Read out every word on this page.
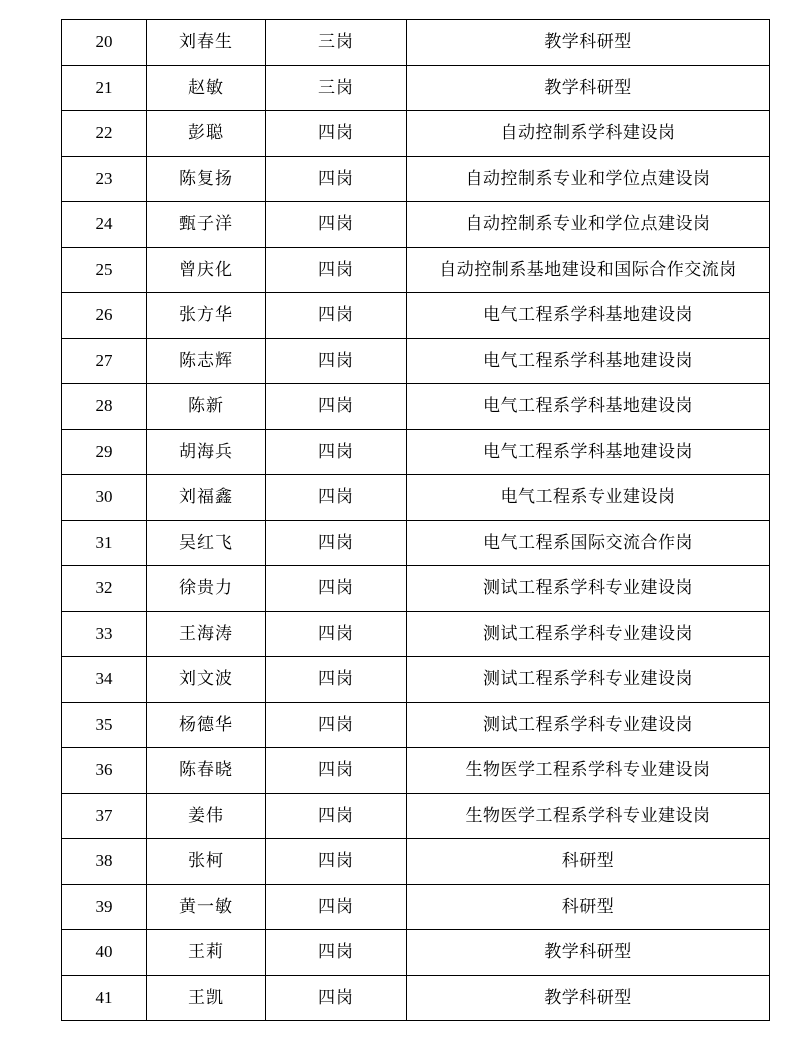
20	刘春生	三岗	教学科研型
21	赵敏	三岗	教学科研型
22	彭聪	四岗	自动控制系学科建设岗
23	陈复扬	四岗	自动控制系专业和学位点建设岗
24	甄子洋	四岗	自动控制系专业和学位点建设岗
25	曾庆化	四岗	自动控制系基地建设和国际合作交流岗
26	张方华	四岗	电气工程系学科基地建设岗
27	陈志辉	四岗	电气工程系学科基地建设岗
28	陈新	四岗	电气工程系学科基地建设岗
29	胡海兵	四岗	电气工程系学科基地建设岗
30	刘福鑫	四岗	电气工程系专业建设岗
31	吴红飞	四岗	电气工程系国际交流合作岗
32	徐贵力	四岗	测试工程系学科专业建设岗
33	王海涛	四岗	测试工程系学科专业建设岗
34	刘文波	四岗	测试工程系学科专业建设岗
35	杨德华	四岗	测试工程系学科专业建设岗
36	陈春晓	四岗	生物医学工程系学科专业建设岗
37	姜伟	四岗	生物医学工程系学科专业建设岗
38	张柯	四岗	科研型
39	黄一敏	四岗	科研型
40	王莉	四岗	教学科研型
41	王凯	四岗	教学科研型
